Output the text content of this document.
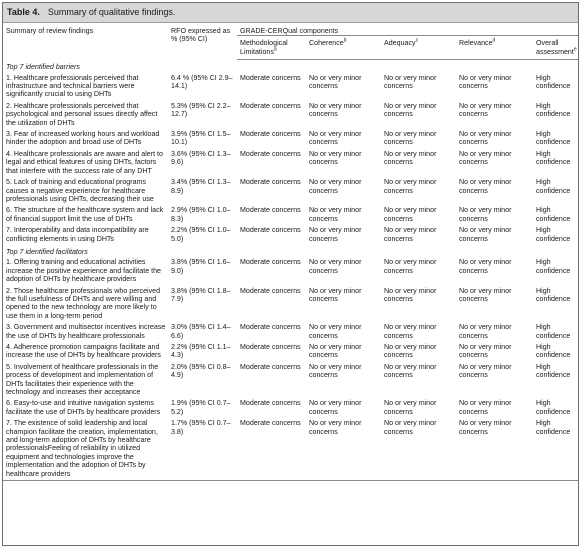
Table 4. Summary of qualitative findings.
Summary of review findings	RFO expressed as % (95% CI)	GRADE-CERQual components				
		Methodological Limitations$^a$	Coherence$^b$	Adequacy$^c$	Relevance$^d$	Overall assessment$^e$
Top 7 identified barriers						
1. Healthcare professionals perceived that infrastructure and technical barriers were significantly crucial to using DHTs	6.4 % (95% CI 2.9–14.1)	Moderate concerns	No or very minor concerns	No or very minor concerns	No or very minor concerns	High confidence
2. Healthcare professionals perceived that psychological and personal issues directly affect the utilization of DHTs	5.3% (95% CI 2.2–12.7)	Moderate concerns	No or very minor concerns	No or very minor concerns	No or very minor concerns	High confidence
3. Fear of increased working hours and workload hinder the adoption and broad use of DHTs	3.9% (95% CI 1.5–10.1)	Moderate concerns	No or very minor concerns	No or very minor concerns	No or very minor concerns	High confidence
4. Healthcare professionals are aware and alert to legal and ethical features of using DHTs, factors that interfere with the success rate of any DHT	3.6% (95% CI 1.3–9.6)	Moderate concerns	No or very minor concerns	No or very minor concerns	No or very minor concerns	High confidence
5. Lack of training and educational programs causes a negative experience for healthcare professionals using DHTs, decreasing their use	3.4% (95% CI 1.3–8.9)	Moderate concerns	No or very minor concerns	No or very minor concerns	No or very minor concerns	High confidence
6. The structure of the healthcare system and lack of financial support limit the use of DHTs	2.9% (95% CI 1.0–8.3)	Moderate concerns	No or very minor concerns	No or very minor concerns	No or very minor concerns	High confidence
7. Interoperability and data incompatibility are conflicting elements in using DHTs	2.2% (95% CI 1.0–5.0)	Moderate concerns	No or very minor concerns	No or very minor concerns	No or very minor concerns	High confidence
Top 7 identified facilitators						
1. Offering training and educational activities increase the positive experience and facilitate the adoption of DHTs by healthcare providers	3.8% (95% CI 1.6–9.0)	Moderate concerns	No or very minor concerns	No or very minor concerns	No or very minor concerns	High confidence
2. Those healthcare professionals who perceived the full usefulness of DHTs and were willing and opened to the new technology are more likely to use them in a long-term period	3.8% (95% CI 1.8–7.9)	Moderate concerns	No or very minor concerns	No or very minor concerns	No or very minor concerns	High confidence
3. Government and multisector incentives increase the use of DHTs by healthcare professionals	3.0% (95% CI 1.4–6.6)	Moderate concerns	No or very minor concerns	No or very minor concerns	No or very minor concerns	High confidence
4. Adherence promotion campaigns facilitate and increase the use of DHTs by healthcare providers	2.2% (95% CI 1.1–4.3)	Moderate concerns	No or very minor concerns	No or very minor concerns	No or very minor concerns	High confidence
5. Involvement of healthcare professionals in the process of development and implementation of DHTs facilitates their experience with the technology and increases their acceptance	2.0% (95% CI 0.8–4.9)	Moderate concerns	No or very minor concerns	No or very minor concerns	No or very minor concerns	High confidence
6. Easy-to-use and intuitive navigation systems facilitate the use of DHTs by healthcare providers	1.9% (95% CI 0.7–5.2)	Moderate concerns	No or very minor concerns	No or very minor concerns	No or very minor concerns	High confidence
7. The existence of solid leadership and local champion facilitate the creation, implementation, and long-term adoption of DHTs by healthcare professionalsFeeling of reliability in utilized equipment and technologies improve the implementation and the adoption of DHTs by healthcare providers	1.7% (95% CI 0.7–3.8)	Moderate concerns	No or very minor concerns	No or very minor concerns	No or very minor concerns	High confidence
